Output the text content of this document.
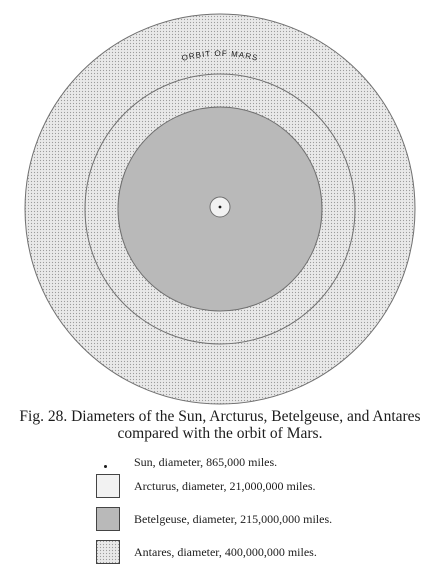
ORBIT OF MARS
Fig. 28. Diameters of the Sun, Arcturus, Betelgeuse, and Antares
compared with the orbit of Mars.
Sun, diameter, 865,000 miles.
Arcturus, diameter, 21,000,000 miles.
Betelgeuse, diameter, 215,000,000 miles.
Antares, diameter, 400,000,000 miles.
